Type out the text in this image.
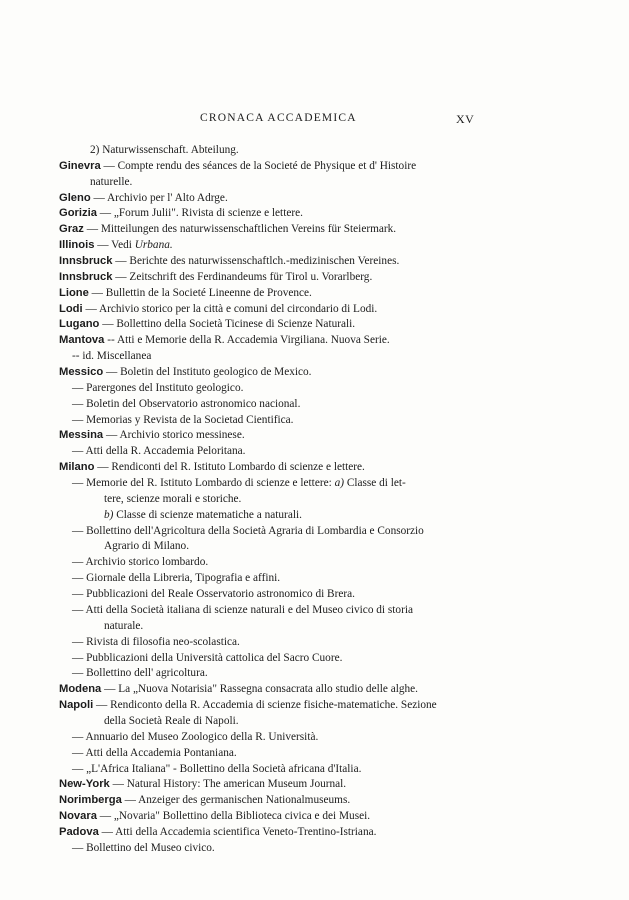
CRONACA ACCADEMICA	XV
2) Naturwissenschaft. Abteilung.
Ginevra — Compte rendu des séances de la Societé de Physique et d' Histoire
naturelle.
Gleno — Archivio per l' Alto Adrge.
Gorizia — „Forum Julii". Rivista di scienze e lettere.
Graz — Mitteilungen des naturwissenschaftlichen Vereins für Steiermark.
Illinois — Vedi Urbana.
Innsbruck — Berichte des naturwissenschaftlch.-medizinischen Vereines.
Innsbruck — Zeitschrift des Ferdinandeums für Tirol u. Vorarlberg.
Lione — Bullettin de la Societé Lineenne de Provence.
Lodi — Archivio storico per la città e comuni del circondario di Lodi.
Lugano — Bollettino della Società Ticinese di Scienze Naturali.
Mantova -- Atti e Memorie della R. Accademia Virgiliana. Nuova Serie.
-- id. Miscellanea
Messico — Boletin del Instituto geologico de Mexico.
— Parergones del Instituto geologico.
— Boletin del Observatorio astronomico nacional.
— Memorias y Revista de la Societad Cientifica.
Messina — Archivio storico messinese.
— Atti della R. Accademia Peloritana.
Milano — Rendiconti del R. Istituto Lombardo di scienze e lettere.
— Memorie del R. Istituto Lombardo di scienze e lettere: a) Classe di let-
tere, scienze morali e storiche.
b) Classe di scienze matematiche a naturali.
— Bollettino dell'Agricoltura della Società Agraria di Lombardia e Consorzio
Agrario di Milano.
— Archivio storico lombardo.
— Giornale della Libreria, Tipografia e affini.
— Pubblicazioni del Reale Osservatorio astronomico di Brera.
— Atti della Società italiana di scienze naturali e del Museo civico di storia
naturale.
— Rivista di filosofia neo-scolastica.
— Pubblicazioni della Università cattolica del Sacro Cuore.
— Bollettino dell' agricoltura.
Modena — La „Nuova Notarisia" Rassegna consacrata allo studio delle alghe.
Napoli — Rendiconto della R. Accademia di scienze fisiche-matematiche. Sezione
della Società Reale di Napoli.
— Annuario del Museo Zoologico della R. Università.
— Atti della Accademia Pontaniana.
— „L'Africa Italiana" - Bollettino della Società africana d'Italia.
New-York — Natural History: The american Museum Journal.
Norimberga — Anzeiger des germanischen Nationalmuseums.
Novara — „Novaria" Bollettino della Biblioteca civica e dei Musei.
Padova — Atti della Accademia scientifica Veneto-Trentino-Istriana.
— Bollettino del Museo civico.
